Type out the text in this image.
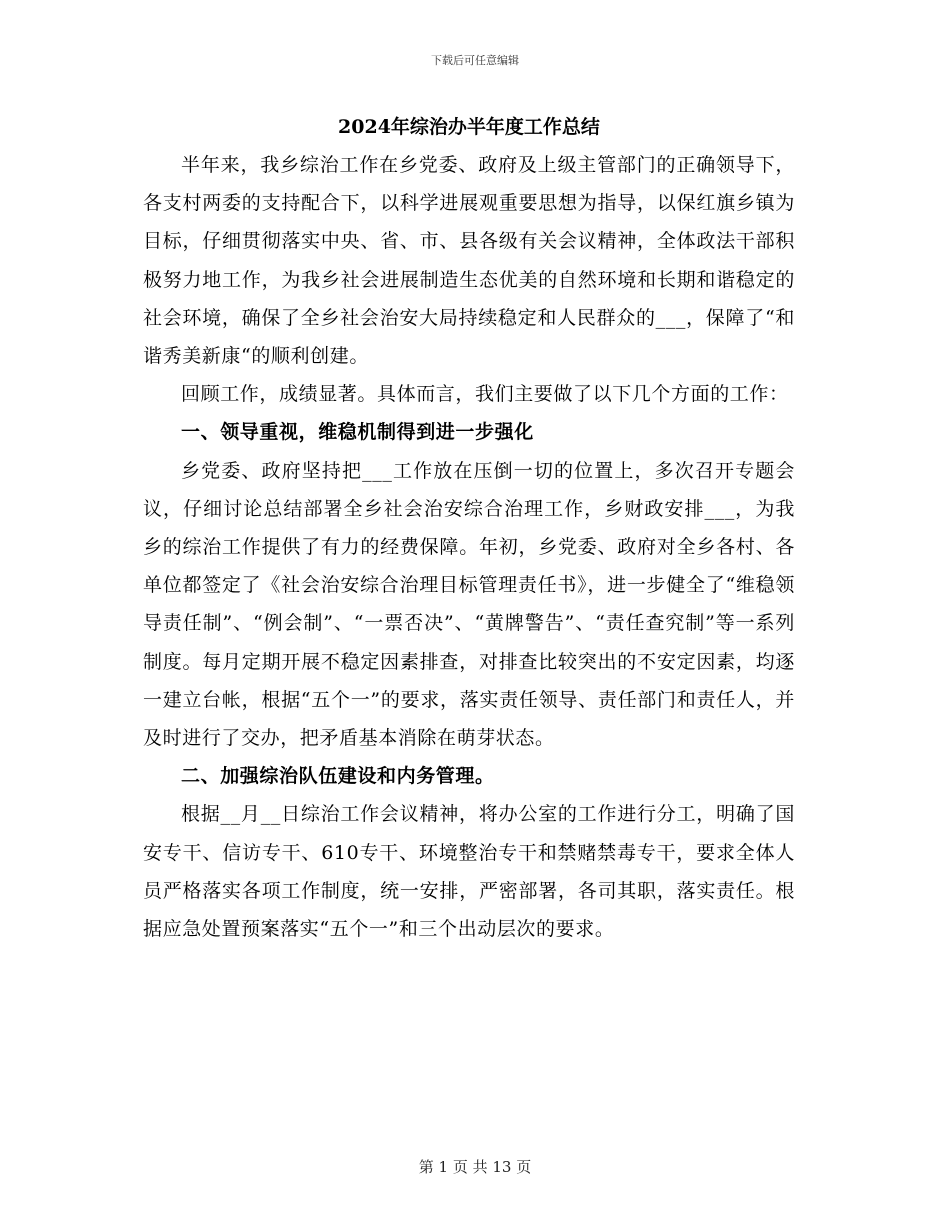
下载后可任意编辑
2024年综治办半年度工作总结

半年来，我乡综治工作在乡党委、政府及上级主管部门的正确领导下，各支村两委的支持配合下，以科学进展观重要思想为指导，以保红旗乡镇为目标，仔细贯彻落实中央、省、市、县各级有关会议精神，全体政法干部积极努力地工作，为我乡社会进展制造生态优美的自然环境和长期和谐稳定的社会环境，确保了全乡社会治安大局持续稳定和人民群众的___，保障了“和谐秀美新康“的顺利创建。

回顾工作，成绩显著。具体而言，我们主要做了以下几个方面的工作：

一、领导重视，维稳机制得到进一步强化

乡党委、政府坚持把___工作放在压倒一切的位置上，多次召开专题会议，仔细讨论总结部署全乡社会治安综合治理工作，乡财政安排___，为我乡的综治工作提供了有力的经费保障。年初，乡党委、政府对全乡各村、各单位都签定了《社会治安综合治理目标管理责任书》，进一步健全了“维稳领导责任制”、“例会制”、“一票否决”、“黄牌警告”、“责任查究制”等一系列制度。每月定期开展不稳定因素排查，对排查比较突出的不安定因素，均逐一建立台帐，根据“五个一”的要求，落实责任领导、责任部门和责任人，并及时进行了交办，把矛盾基本消除在萌芽状态。

二、加强综治队伍建设和内务管理。

根据__月__日综治工作会议精神，将办公室的工作进行分工，明确了国安专干、信访专干、610专干、环境整治专干和禁赌禁毒专干，要求全体人员严格落实各项工作制度，统一安排，严密部署，各司其职，落实责任。根据应急处置预案落实“五个一”和三个出动层次的要求。

第 1 页 共 13 页
